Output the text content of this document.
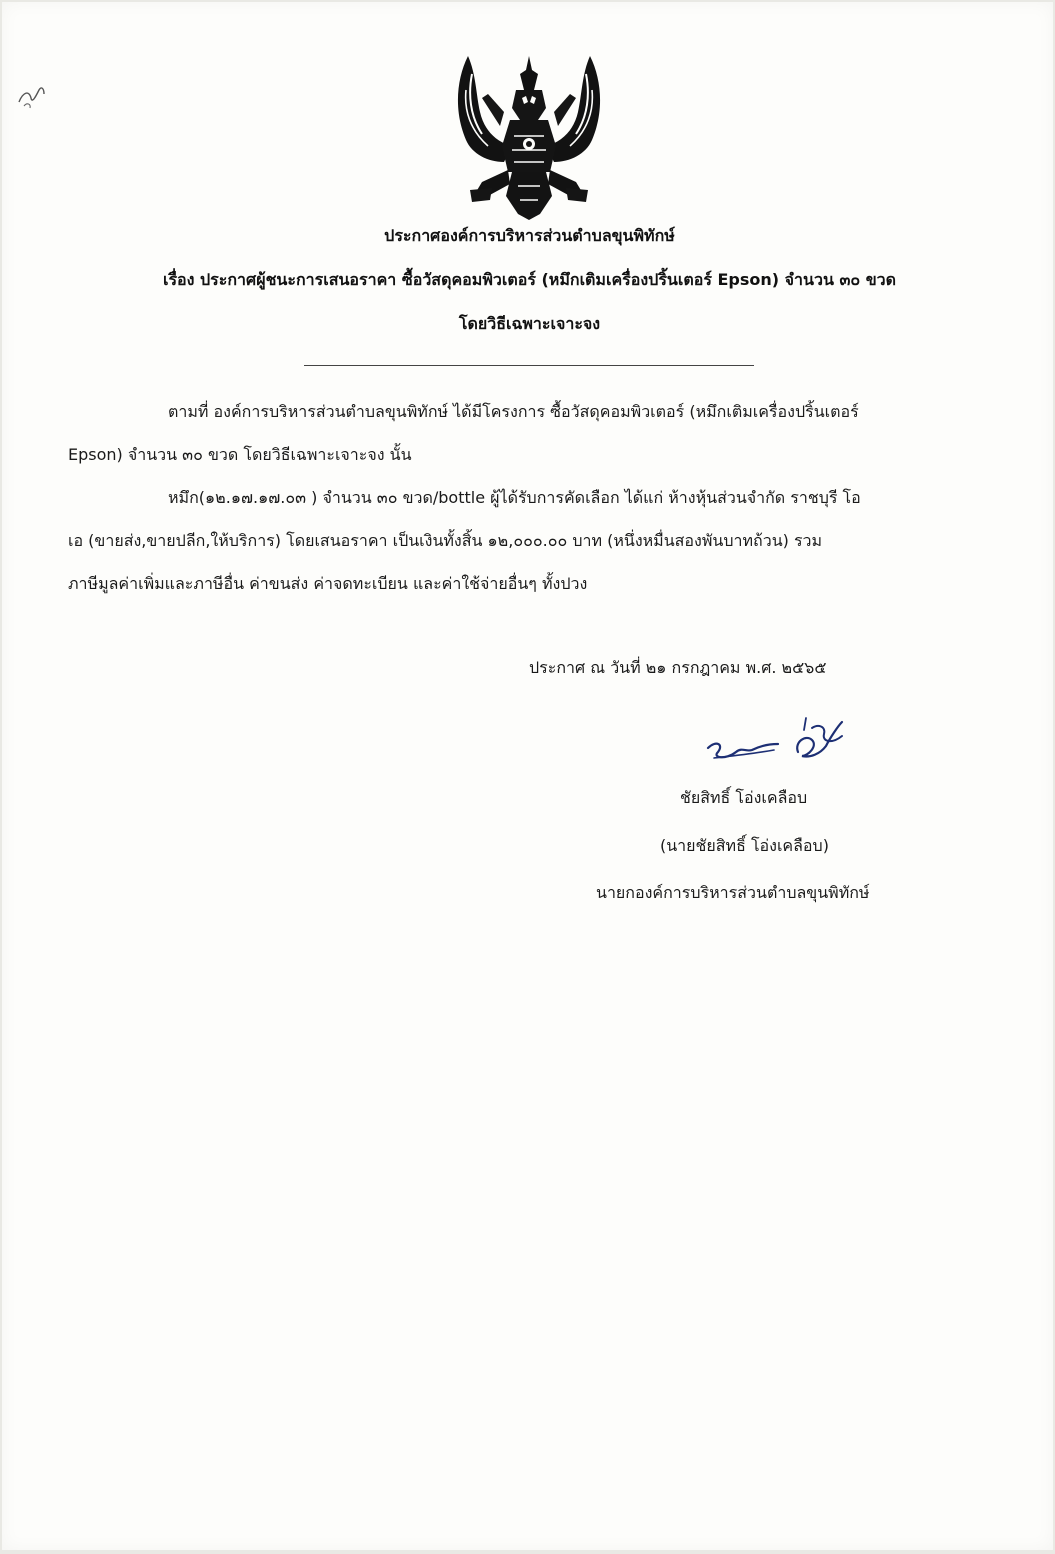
ประกาศองค์การบริหารส่วนตำบลขุนพิทักษ์
เรื่อง ประกาศผู้ชนะการเสนอราคา ซื้อวัสดุคอมพิวเตอร์ (หมึกเติมเครื่องปริ้นเตอร์ Epson) จำนวน ๓๐ ขวด
โดยวิธีเฉพาะเจาะจง
ตามที่ องค์การบริหารส่วนตำบลขุนพิทักษ์ ได้มีโครงการ ซื้อวัสดุคอมพิวเตอร์ (หมึกเติมเครื่องปริ้นเตอร์
Epson) จำนวน ๓๐ ขวด โดยวิธีเฉพาะเจาะจง นั้น
หมึก(๑๒.๑๗.๑๗.๐๓ ) จำนวน ๓๐ ขวด/bottle ผู้ได้รับการคัดเลือก ได้แก่ ห้างหุ้นส่วนจำกัด ราชบุรี โอ
เอ (ขายส่ง,ขายปลีก,ให้บริการ) โดยเสนอราคา เป็นเงินทั้งสิ้น ๑๒,๐๐๐.๐๐ บาท (หนึ่งหมื่นสองพันบาทถ้วน) รวม
ภาษีมูลค่าเพิ่มและภาษีอื่น ค่าขนส่ง ค่าจดทะเบียน และค่าใช้จ่ายอื่นๆ ทั้งปวง
ประกาศ ณ วันที่ ๒๑ กรกฎาคม พ.ศ. ๒๕๖๕
ชัยสิทธิ์ โอ่งเคลือบ
(นายชัยสิทธิ์ โอ่งเคลือบ)
นายกองค์การบริหารส่วนตำบลขุนพิทักษ์
